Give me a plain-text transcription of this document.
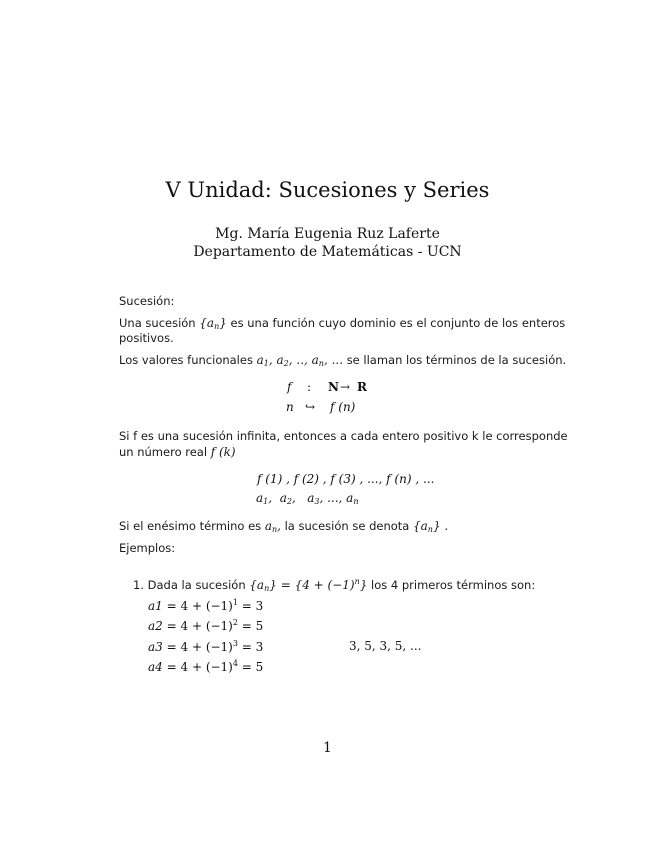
V Unidad: Sucesiones y Series
Mg. María Eugenia Ruz Laferte
Departamento de Matemáticas - UCN
Sucesión:
Una sucesión $\{a_n\}$ es una función cuyo dominio es el conjunto de los enteros
positivos.
Los valores funcionales $a_1$, $a_2$, .., $a_n$, ... se llaman los términos de la sucesión.
f : N → R
n ↪ f (n)
Si f es una sucesión infinita, entonces a cada entero positivo k le corresponde
un número real f (k)
f (1) , f (2) , f (3) , ..., f (n) , ...
$a_1$,  $a_2$,   $a_3$, ..., $a_n$
Si el enésimo término es $a_n$, la sucesión se denota $\{a_n\}$ .
Ejemplos:
1. Dada la sucesión $\{a_n\} = \{4 + (-1)^n\}$ los 4 primeros términos son:
$a1 = 4 + (-1)^1 = 3$
$a2 = 4 + (-1)^2 = 5$
$a3 = 4 + (-1)^3 = 3$
$a4 = 4 + (-1)^4 = 5$
3, 5, 3, 5, ...
1
